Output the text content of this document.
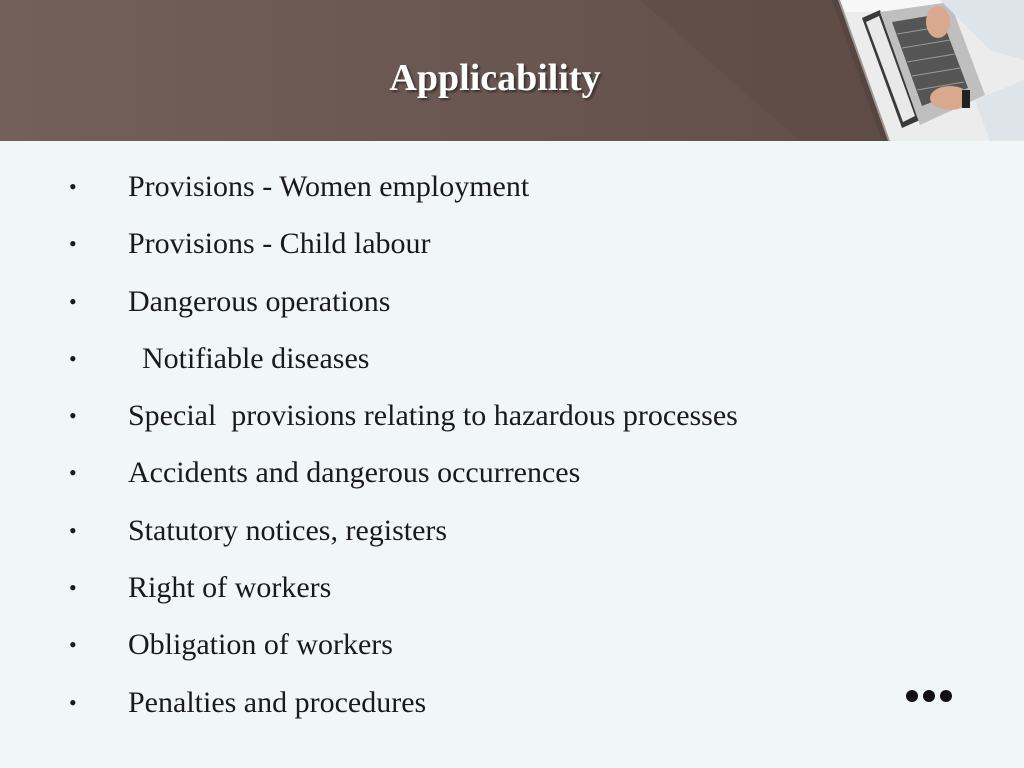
Applicability
• Provisions - Women employment
• Provisions - Child labour
• Dangerous operations
• Notifiable diseases
• Special  provisions relating to hazardous processes
• Accidents and dangerous occurrences
• Statutory notices, registers
• Right of workers
• Obligation of workers
• Penalties and procedures
